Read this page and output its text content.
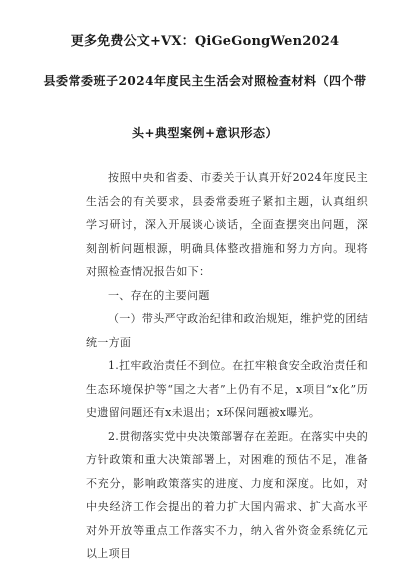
更多免费公文+VX：QiGeGongWen2024
县委常委班子2024年度民主生活会对照检查材料（四个带
头+典型案例+意识形态）

按照中央和省委、市委关于认真开好2024年度民主生活会的有关要求，县委常委班子紧扣主题，认真组织学习研讨，深入开展谈心谈话，全面查摆突出问题，深刻剖析问题根源，明确具体整改措施和努力方向。现将对照检查情况报告如下：

一、存在的主要问题

（一）带头严守政治纪律和政治规矩，维护党的团结统一方面

1.扛牢政治责任不到位。在扛牢粮食安全政治责任和生态环境保护等“国之大者”上仍有不足，x项目“x化”历史遗留问题还有x未退出；x环保问题被x曝光。

2.贯彻落实党中央决策部署存在差距。在落实中央的方针政策和重大决策部署上，对困难的预估不足，准备不充分，影响政策落实的进度、力度和深度。比如，对中央经济工作会提出的着力扩大国内需求、扩大高水平对外开放等重点工作落实不力，纳入省外资金系统亿元以上项目
